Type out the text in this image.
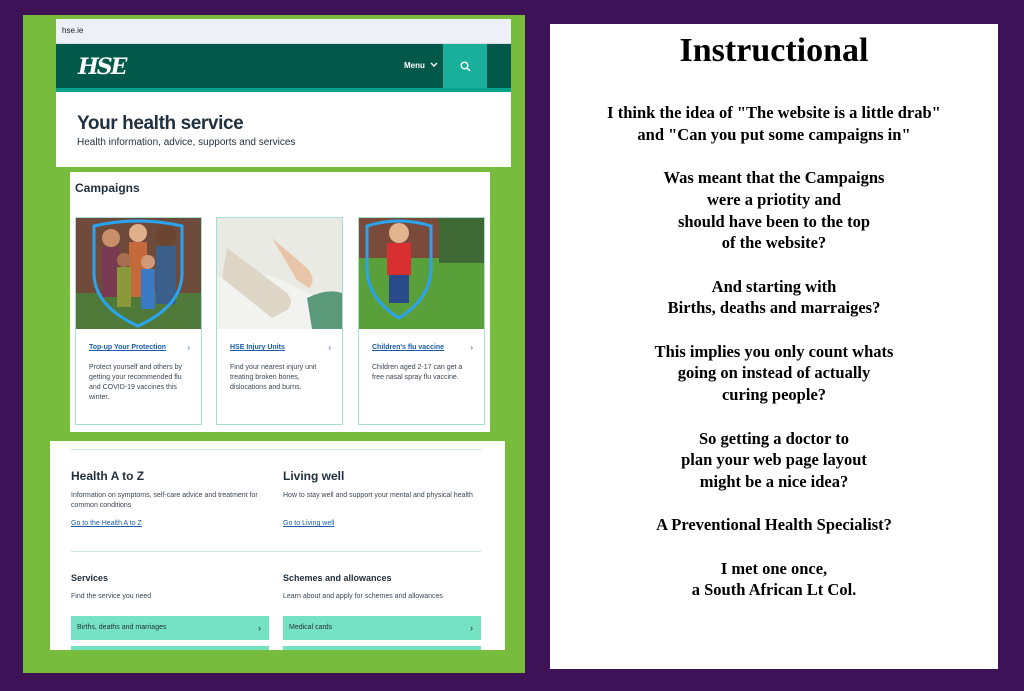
hse.ie
HSE	Menu
Your health service
Health information, advice, supports and services
Campaigns
Top-up Your Protection	›
Protect yourself and others by getting your recommended flu and COVID-19 vaccines this winter.
HSE Injury Units	›
Find your nearest injury unit treating broken bones, dislocations and burns.
Children's flu vaccine	›
Children aged 2-17 can get a free nasal spray flu vaccine.
Health A to Z
Information on symptoms, self-care advice and treatment for common conditions
Go to the Health A to Z
Living well
How to stay well and support your mental and physical health
Go to Living well
Services
Find the service you need
Births, deaths and marriages	›
Schemes and allowances
Learn about and apply for schemes and allowances
Medical cards	›
Instructional
I think the idea of "The website is a little drab"
and "Can you put some campaigns in"

Was meant that the Campaigns
were a priotity and
should have been to the top
of the website?

And starting with
Births, deaths and marraiges?

This implies you only count whats
going on instead of actually
curing people?

So getting a doctor to
plan your web page layout
might be a nice idea?

A Preventional Health Specialist?

I met one once,
a South African Lt Col.
